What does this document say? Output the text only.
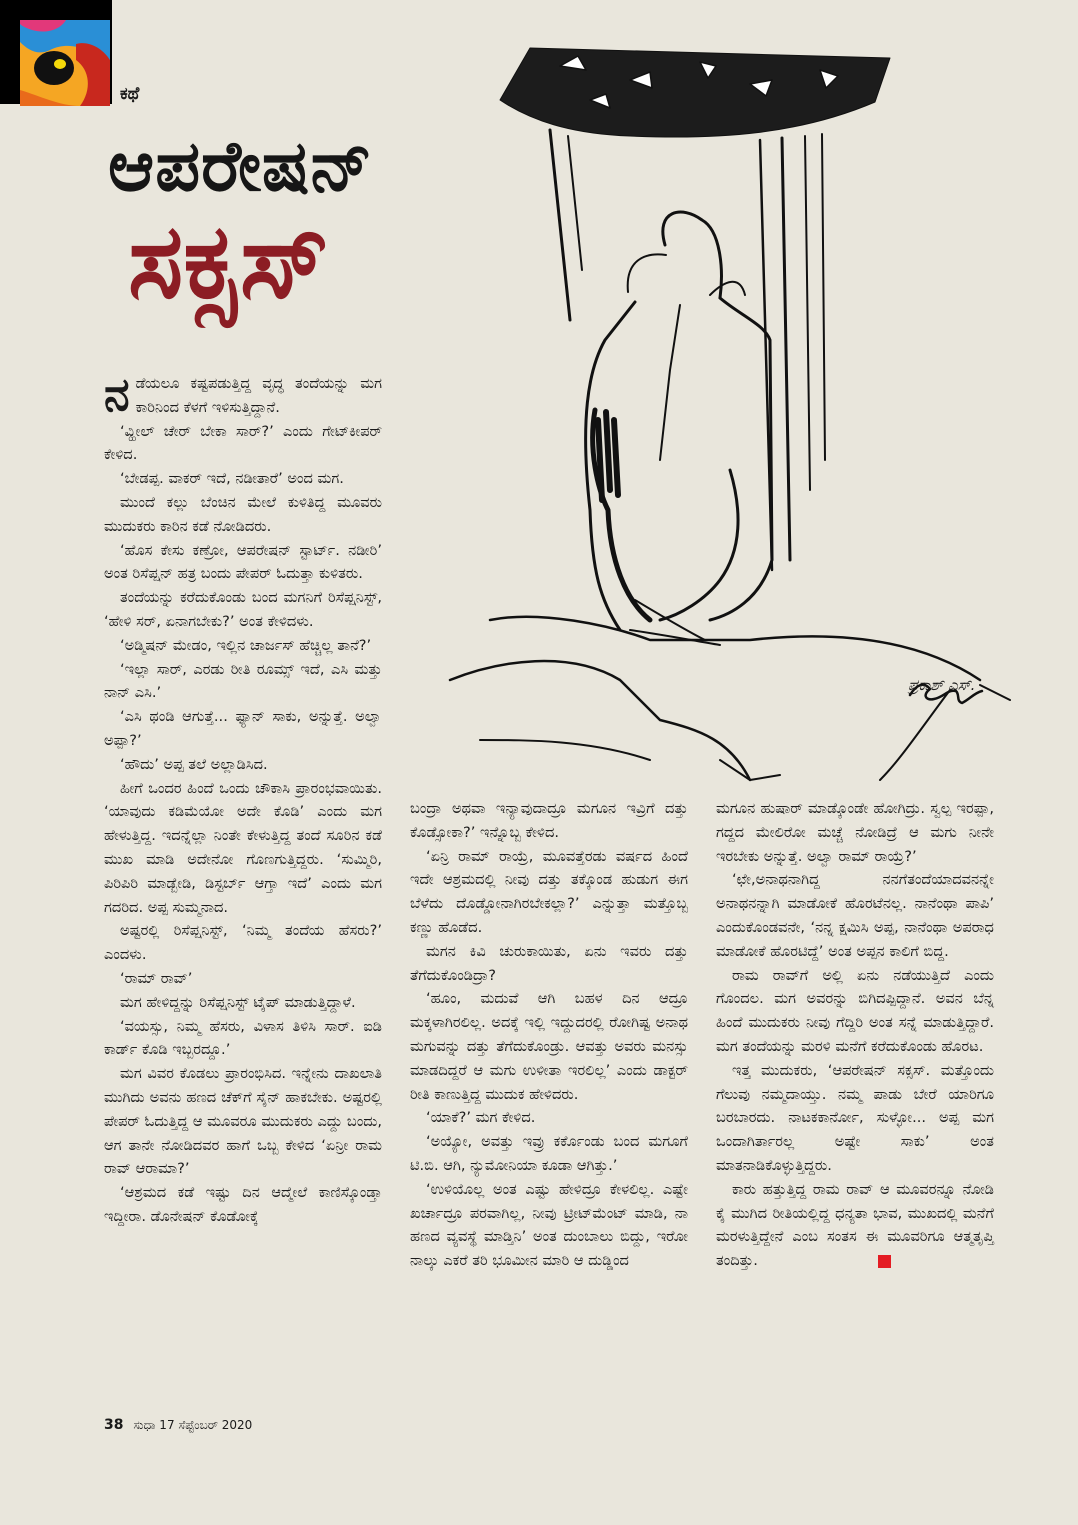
ಕಥೆ
ಆಪರೇಷನ್
ಸಕ್ಸಸ್
ಪ್ರಕಾಶ್ ಎಸ್.

ನಡೆಯಲೂ ಕಷ್ಟಪಡುತ್ತಿದ್ದ ವೃದ್ಧ ತಂದೆಯನ್ನು ಮಗ ಕಾರಿನಿಂದ ಕೆಳಗೆ ಇಳಿಸುತ್ತಿದ್ದಾನೆ.

‘ವ್ಹೀಲ್ ಚೇರ್ ಬೇಕಾ ಸಾರ್?’ ಎಂದು ಗೇಟ್‌ಕೀಪರ್ ಕೇಳಿದ.

‘ಬೇಡಪ್ಪ. ವಾಕರ್ ಇದೆ, ನಡೀತಾರೆ’ ಅಂದ ಮಗ.

ಮುಂದೆ ಕಲ್ಲು ಬೆಂಚಿನ ಮೇಲೆ ಕುಳಿತಿದ್ದ ಮೂವರು ಮುದುಕರು ಕಾರಿನ ಕಡೆ ನೋಡಿದರು.

‘ಹೊಸ ಕೇಸು ಕಣ್ರೋ, ಆಪರೇಷನ್ ಸ್ಟಾರ್ಟ್. ನಡೀರಿ’ ಅಂತ ರಿಸೆಪ್ಷನ್ ಹತ್ರ ಬಂದು ಪೇಪರ್ ಓದುತ್ತಾ ಕುಳಿತರು.

ತಂದೆಯನ್ನು ಕರೆದುಕೊಂಡು ಬಂದ ಮಗನಿಗೆ ರಿಸೆಪ್ಷನಿಸ್ಟ್, ‘ಹೇಳಿ ಸರ್, ಏನಾಗಬೇಕು?’ ಅಂತ ಕೇಳಿದಳು.

‘ಅಡ್ಮಿಷನ್ ಮೇಡಂ, ಇಲ್ಲಿನ ಚಾರ್ಜಸ್ ಹೆಚ್ಚಿಲ್ಲ ತಾನೆ?’

‘ಇಲ್ಲಾ ಸಾರ್, ಎರಡು ರೀತಿ ರೂಮ್ಸ್ ಇದೆ, ಎಸಿ ಮತ್ತು ನಾನ್ ಎಸಿ.’

‘ಎಸಿ ಥಂಡಿ ಆಗುತ್ತೆ... ಫ್ಯಾನ್ ಸಾಕು, ಅನ್ನುತ್ತೆ. ಅಲ್ವಾ ಅಪ್ಪಾ?’

‘ಹೌದು’ ಅಪ್ಪ ತಲೆ ಅಲ್ಲಾಡಿಸಿದ.

ಹೀಗೆ ಒಂದರ ಹಿಂದೆ ಒಂದು ಚೌಕಾಸಿ ಪ್ರಾರಂಭವಾಯಿತು. ‘ಯಾವುದು ಕಡಿಮೆಯೋ ಅದೇ ಕೊಡಿ’ ಎಂದು ಮಗ ಹೇಳುತ್ತಿದ್ದ. ಇದನ್ನೆಲ್ಲಾ ನಿಂತೇ ಕೇಳುತ್ತಿದ್ದ ತಂದೆ ಸೂರಿನ ಕಡೆ ಮುಖ ಮಾಡಿ ಅದೇನೋ ಗೊಣಗುತ್ತಿದ್ದರು. ‘ಸುಮ್ಮಿರಿ, ಪಿರಿಪಿರಿ ಮಾಡ್ಬೇಡಿ, ಡಿಸ್ಟರ್ಬ್ ಆಗ್ತಾ ಇದೆ’ ಎಂದು ಮಗ ಗದರಿದ. ಅಪ್ಪ ಸುಮ್ಮನಾದ.

ಅಷ್ಟರಲ್ಲಿ ರಿಸೆಪ್ಷನಿಸ್ಟ್, ‘ನಿಮ್ಮ ತಂದೆಯ ಹೆಸರು?’ ಎಂದಳು.

‘ರಾಮ್ ರಾವ್’

ಮಗ ಹೇಳಿದ್ದನ್ನು ರಿಸೆಪ್ಷನಿಸ್ಟ್ ಟೈಪ್ ಮಾಡುತ್ತಿದ್ದಾಳೆ.

‘ವಯಸ್ಸು, ನಿಮ್ಮ ಹೆಸರು, ವಿಳಾಸ ತಿಳಿಸಿ ಸಾರ್. ಐಡಿ ಕಾರ್ಡ್ ಕೊಡಿ ಇಬ್ಬರದ್ದೂ.’

ಮಗ ವಿವರ ಕೊಡಲು ಪ್ರಾರಂಭಿಸಿದ. ಇನ್ನೇನು ದಾಖಲಾತಿ ಮುಗಿದು ಅವನು ಹಣದ ಚೆಕ್‌ಗೆ ಸೈನ್ ಹಾಕಬೇಕು. ಅಷ್ಟರಲ್ಲಿ ಪೇಪರ್ ಓದುತ್ತಿದ್ದ ಆ ಮೂವರೂ ಮುದುಕರು ಎದ್ದು ಬಂದು, ಆಗ ತಾನೇ ನೋಡಿದವರ ಹಾಗೆ ಒಬ್ಬ ಕೇಳಿದ ‘ಏನ್ರೀ ರಾಮ ರಾವ್ ಆರಾಮಾ?’

‘ಆಶ್ರಮದ ಕಡೆ ಇಷ್ಟು ದಿನ ಆದ್ಮೇಲೆ ಕಾಣಿಸ್ಕೊಂಡ್ತಾ ಇದ್ದೀರಾ. ಡೊನೇಷನ್ ಕೊಡೋಕ್ಕೆ

ಬಂದ್ರಾ ಅಥವಾ ಇನ್ಯಾವುದಾದ್ರೂ ಮಗೂನ ಇವ್ರಿಗೆ ದತ್ತು ಕೊಡ್ಸೋಕಾ?’ ಇನ್ನೊಬ್ಬ ಕೇಳಿದ.

‘ಏನ್ರಿ ರಾಮ್ ರಾಯ್ರೆ, ಮೂವತ್ತೆರಡು ವರ್ಷದ ಹಿಂದೆ ಇದೇ ಆಶ್ರಮದಲ್ಲಿ ನೀವು ದತ್ತು ತಕ್ಕೊಂಡ ಹುಡುಗ ಈಗ ಬೆಳೆದು ದೊಡ್ಡೋನಾಗಿರಬೇಕಲ್ಲಾ?’ ಎನ್ನುತ್ತಾ ಮತ್ತೊಬ್ಬ ಕಣ್ಣು ಹೊಡೆದ.

ಮಗನ ಕಿವಿ ಚುರುಕಾಯಿತು, ಏನು ಇವರು ದತ್ತು ತೆಗೆದುಕೊಂಡಿದ್ರಾ?

‘ಹೂಂ, ಮದುವೆ ಆಗಿ ಬಹಳ ದಿನ ಆದ್ರೂ ಮಕ್ಕಳಾಗಿರಲಿಲ್ಲ. ಅದಕ್ಕೆ ಇಲ್ಲಿ ಇದ್ದುದರಲ್ಲಿ ರೋಗಿಷ್ಟ ಅನಾಥ ಮಗುವನ್ನು ದತ್ತು ತೆಗೆದುಕೊಂಡ್ರು. ಆವತ್ತು ಅವರು ಮನಸ್ಸು ಮಾಡದಿದ್ದರೆ ಆ ಮಗು ಉಳೀತಾ ಇರಲಿಲ್ಲ’ ಎಂದು ಡಾಕ್ಟರ್ ರೀತಿ ಕಾಣುತ್ತಿದ್ದ ಮುದುಕ ಹೇಳಿದರು.

‘ಯಾಕೆ?’ ಮಗ ಕೇಳಿದ.

‘ಅಯ್ಯೋ, ಅವತ್ತು ಇವ್ರು ಕರ್ಕೊಂಡು ಬಂದ ಮಗೂಗೆ ಟಿ.ಬಿ. ಆಗಿ, ನ್ಯುಮೋನಿಯಾ ಕೂಡಾ ಆಗಿತ್ತು.’

‘ಉಳಿಯೊಲ್ಲ ಅಂತ ಎಷ್ಟು ಹೇಳಿದ್ರೂ ಕೇಳಲಿಲ್ಲ. ಎಷ್ಟೇ ಖರ್ಚಾದ್ರೂ ಪರವಾಗಿಲ್ಲ, ನೀವು ಟ್ರೀಟ್‌ಮೆಂಟ್ ಮಾಡಿ, ನಾ ಹಣದ ವ್ಯವಸ್ಥೆ ಮಾಡ್ತಿನಿ’ ಅಂತ ದುಂಬಾಲು ಬಿದ್ದು, ಇರೋ ನಾಲ್ಕು ಎಕರೆ ತರಿ ಭೂಮೀನ ಮಾರಿ ಆ ದುಡ್ಡಿಂದ

ಮಗೂನ ಹುಷಾರ್ ಮಾಡ್ಕೊಂಡೇ ಹೋಗಿದ್ರು. ಸ್ವಲ್ಪ ಇರಪ್ಪಾ, ಗದ್ದದ ಮೇಲಿರೋ ಮಚ್ಚೆ ನೋಡಿದ್ರೆ ಆ ಮಗು ನೀನೇ ಇರಬೇಕು ಅನ್ನುತ್ತೆ. ಅಲ್ವಾ ರಾಮ್ ರಾಯ್ರೆ?’

‘ಛೇ,ಅನಾಥನಾಗಿದ್ದ ನನಗೆತಂದೆಯಾದವನನ್ನೇ ಅನಾಥನನ್ನಾಗಿ ಮಾಡೋಕೆ ಹೊರಟೆನಲ್ಲ. ನಾನೆಂಥಾ ಪಾಪಿ’ ಎಂದುಕೊಂಡವನೇ, ‘ನನ್ನ ಕ್ಷಮಿಸಿ ಅಪ್ಪ, ನಾನೆಂಥಾ ಅಪರಾಧ ಮಾಡೋಕೆ ಹೊರಟಿದ್ದೆ’ ಅಂತ ಅಪ್ಪನ ಕಾಲಿಗೆ ಬಿದ್ದ.

ರಾಮ ರಾವ್‌ಗೆ ಅಲ್ಲಿ ಏನು ನಡೆಯುತ್ತಿದೆ ಎಂದು ಗೊಂದಲ. ಮಗ ಅವರನ್ನು ಬಿಗಿದಪ್ಪಿದ್ದಾನೆ. ಅವನ ಬೆನ್ನ ಹಿಂದೆ ಮುದುಕರು ನೀವು ಗೆದ್ದಿರಿ ಅಂತ ಸನ್ನೆ ಮಾಡುತ್ತಿದ್ದಾರೆ. ಮಗ ತಂದೆಯನ್ನು ಮರಳಿ ಮನೆಗೆ ಕರೆದುಕೊಂಡು ಹೊರಟ.

ಇತ್ತ ಮುದುಕರು, ‘ಆಪರೇಷನ್ ಸಕ್ಸಸ್. ಮತ್ತೊಂದು ಗೆಲುವು ನಮ್ಮದಾಯ್ತು. ನಮ್ಮ ಪಾಡು ಬೇರೆ ಯಾರಿಗೂ ಬರಬಾರದು. ನಾಟಕಕಾರ್ನೋ, ಸುಳ್ಳೋ... ಅಪ್ಪ ಮಗ ಒಂದಾಗಿರ್ತಾರಲ್ಲ ಅಷ್ಟೇ ಸಾಕು’ ಅಂತ ಮಾತನಾಡಿಕೊಳ್ಳುತ್ತಿದ್ದರು.

ಕಾರು ಹತ್ತುತ್ತಿದ್ದ ರಾಮ ರಾವ್ ಆ ಮೂವರನ್ನೂ ನೋಡಿ ಕೈ ಮುಗಿದ ರೀತಿಯಲ್ಲಿದ್ದ ಧನ್ಯತಾ ಭಾವ, ಮುಖದಲ್ಲಿ ಮನೆಗೆ ಮರಳುತ್ತಿದ್ದೇನೆ ಎಂಬ ಸಂತಸ ಈ ಮೂವರಿಗೂ ಆತ್ಮತೃಪ್ತಿ ತಂದಿತ್ತು.

38 ಸುಧಾ 17 ಸೆಪ್ಟೆಂಬರ್ 2020
